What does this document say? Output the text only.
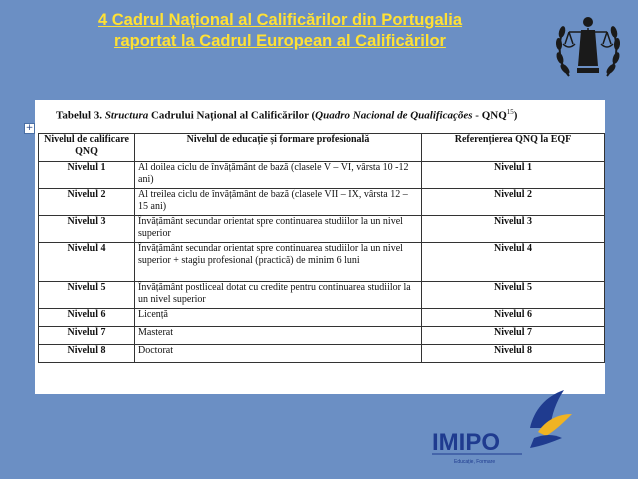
4 Cadrul Național al Calificărilor din Portugalia
raportat la Cadrul European al Calificărilor
+
Tabelul 3. Structura Cadrului Național al Calificărilor (Quadro Nacional de Qualificações - QNQ$^{15}$)
Nivelul de calificare QNQ	Nivelul de educație și formare profesională	Referențierea QNQ la EQF
Nivelul 1	Al doilea ciclu de învățământ de bază (clasele V – VI, vârsta 10 -12 ani)	Nivelul 1
Nivelul 2	Al treilea ciclu de învățământ de bază (clasele VII – IX, vârsta 12 – 15 ani)	Nivelul 2
Nivelul 3	Învățământ secundar orientat spre continuarea studiilor la un nivel superior	Nivelul 3
Nivelul 4	Învățământ secundar orientat spre continuarea studiilor la un nivel superior + stagiu profesional (practică) de minim 6 luni	Nivelul 4
Nivelul 5	Învățământ postliceal dotat cu credite pentru continuarea studiilor la un nivel superior	Nivelul 5
Nivelul 6	Licență	Nivelul 6
Nivelul 7	Masterat	Nivelul 7
Nivelul 8	Doctorat	Nivelul 8
IMIPO
Educație, Formare
